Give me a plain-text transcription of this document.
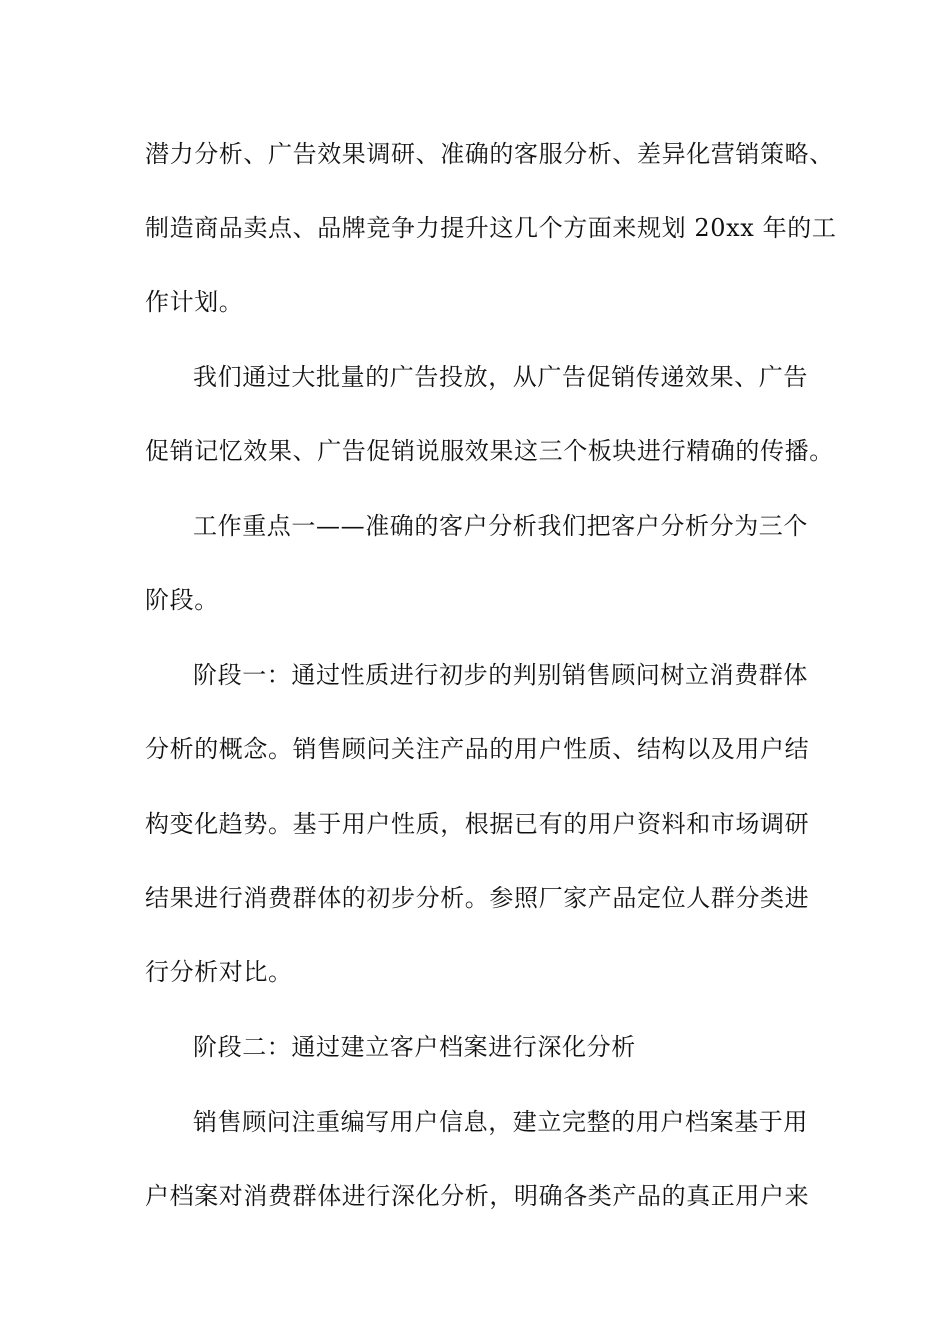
潜力分析、广告效果调研、准确的客服分析、差异化营销策略、
制造商品卖点、品牌竞争力提升这几个方面来规划 20xx 年的工
作计划。
我们通过大批量的广告投放，从广告促销传递效果、广告
促销记忆效果、广告促销说服效果这三个板块进行精确的传播。
工作重点一——准确的客户分析我们把客户分析分为三个
阶段。
阶段一：通过性质进行初步的判别销售顾问树立消费群体
分析的概念。销售顾问关注产品的用户性质、结构以及用户结
构变化趋势。基于用户性质，根据已有的用户资料和市场调研
结果进行消费群体的初步分析。参照厂家产品定位人群分类进
行分析对比。
阶段二：通过建立客户档案进行深化分析
销售顾问注重编写用户信息，建立完整的用户档案基于用
户档案对消费群体进行深化分析，明确各类产品的真正用户来
